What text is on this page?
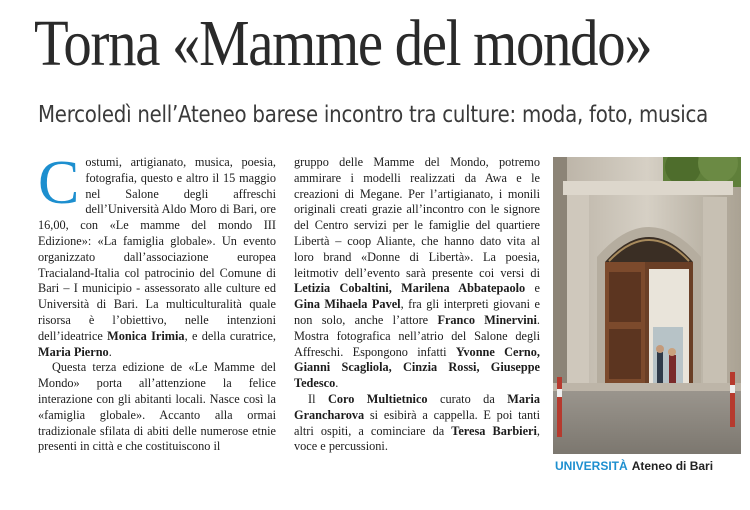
Torna «Mamme del mondo»
Mercoledì nell’Ateneo barese incontro tra culture: moda, foto, musica

Costumi, artigianato, musica, poesia, fotografia, questo e altro il 15 maggio nel Salone degli affreschi dell’Università Aldo Moro di Bari, ore 16,00, con «Le mamme del mondo III Edizione»: «La famiglia globale». Un evento organizzato dall’associazione europea Tracialand-Italia col patrocinio del Comune di Bari – I municipio - assessorato alle culture ed Università di Bari. La multiculturalità quale risorsa è l’obiettivo, nelle intenzioni dell’ideatrice Monica Irimia, e della curatrice, Maria Pierno.

Questa terza edizione de «Le Mamme del Mondo» porta all’attenzione la felice interazione con gli abitanti locali. Nasce così la «famiglia globale». Accanto alla ormai tradizionale sfilata di abiti delle numerose etnie presenti in città e che costituiscono il

gruppo delle Mamme del Mondo, potremo ammirare i modelli realizzati da Awa e le creazioni di Megane. Per l’artigianato, i monili originali creati grazie all’incontro con le signore del Centro servizi per le famiglie del quartiere Libertà – coop Aliante, che hanno dato vita al loro brand «Donne di Libertà». La poesia, leitmotiv dell’evento sarà presente coi versi di Letizia Cobaltini, Marilena Abbatepaolo e Gina Mihaela Pavel, fra gli interpreti giovani e non solo, anche l’attore Franco Minervini. Mostra fotografica nell’atrio del Salone degli Affreschi. Espongono infatti Yvonne Cerno, Gianni Scagliola, Cinzia Rossi, Giuseppe Tedesco.

Il Coro Multietnico curato da Maria Grancharova si esibirà a cappella. E poi tanti altri ospiti, a cominciare da Teresa Barbieri, voce e percussioni.

UNIVERSITÀ Ateneo di Bari
